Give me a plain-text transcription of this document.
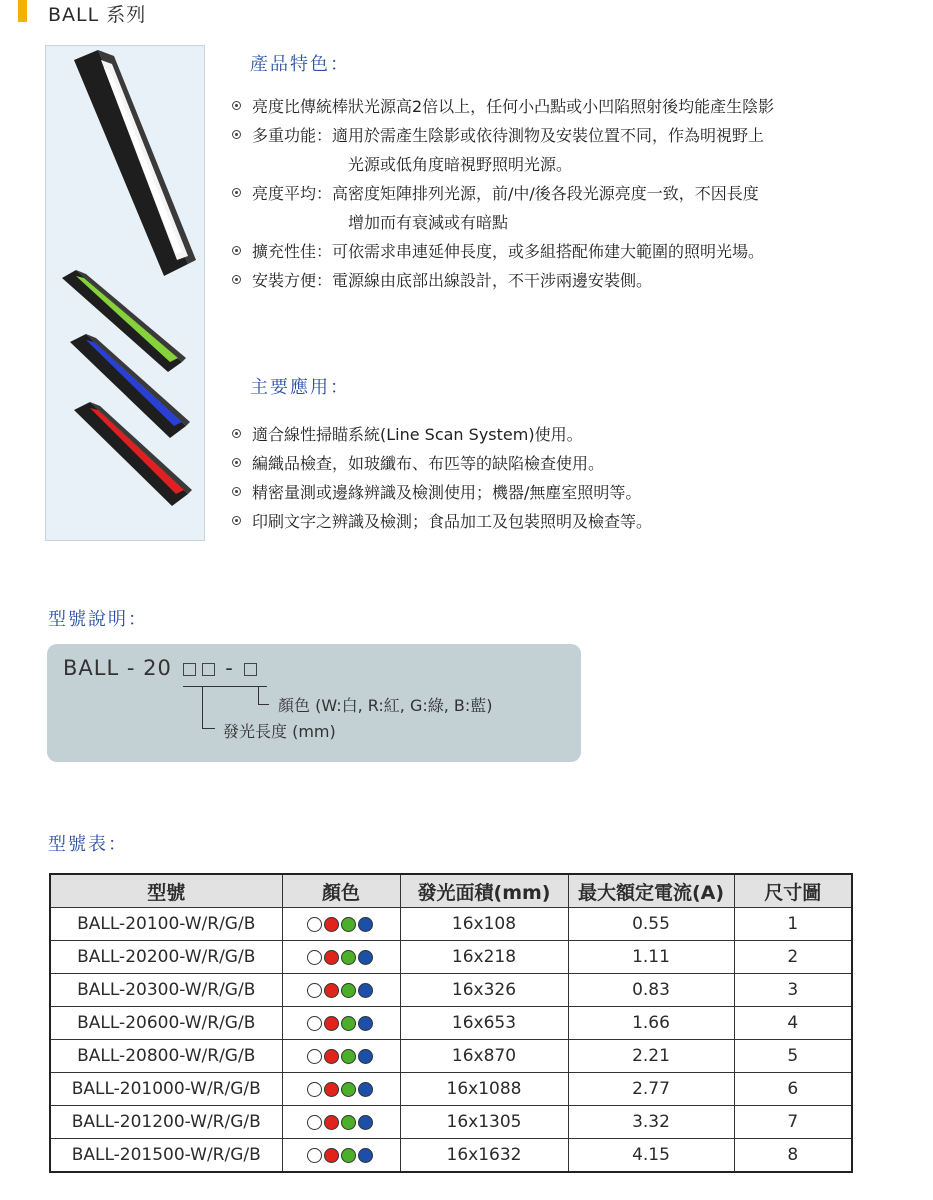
BALL 系列
產品特色：
亮度比傳統棒狀光源高2倍以上，任何小凸點或小凹陷照射後均能產生陰影
多重功能：適用於需產生陰影或依待測物及安裝位置不同，作為明視野上
光源或低角度暗視野照明光源。
亮度平均：高密度矩陣排列光源，前/中/後各段光源亮度一致，不因長度
增加而有衰減或有暗點
擴充性佳：可依需求串連延伸長度，或多組搭配佈建大範圍的照明光場。
安裝方便：電源線由底部出線設計，不干涉兩邊安裝側。
主要應用：
適合線性掃瞄系統(Line Scan System)使用。
編織品檢查，如玻纖布、布匹等的缺陷檢查使用。
精密量測或邊緣辨識及檢測使用；機器/無塵室照明等。
印刷文字之辨識及檢測；食品加工及包裝照明及檢查等。
型號說明：
BALL - 20	-
顏色 (W:白, R:紅, G:綠, B:藍)
發光長度 (mm)
型號表：
型號	顏色	發光面積(mm)	最大額定電流(A)	尺寸圖
BALL-20100-W/R/G/B		16x108	0.55	1
BALL-20200-W/R/G/B		16x218	1.11	2
BALL-20300-W/R/G/B		16x326	0.83	3
BALL-20600-W/R/G/B		16x653	1.66	4
BALL-20800-W/R/G/B		16x870	2.21	5
BALL-201000-W/R/G/B		16x1088	2.77	6
BALL-201200-W/R/G/B		16x1305	3.32	7
BALL-201500-W/R/G/B		16x1632	4.15	8
